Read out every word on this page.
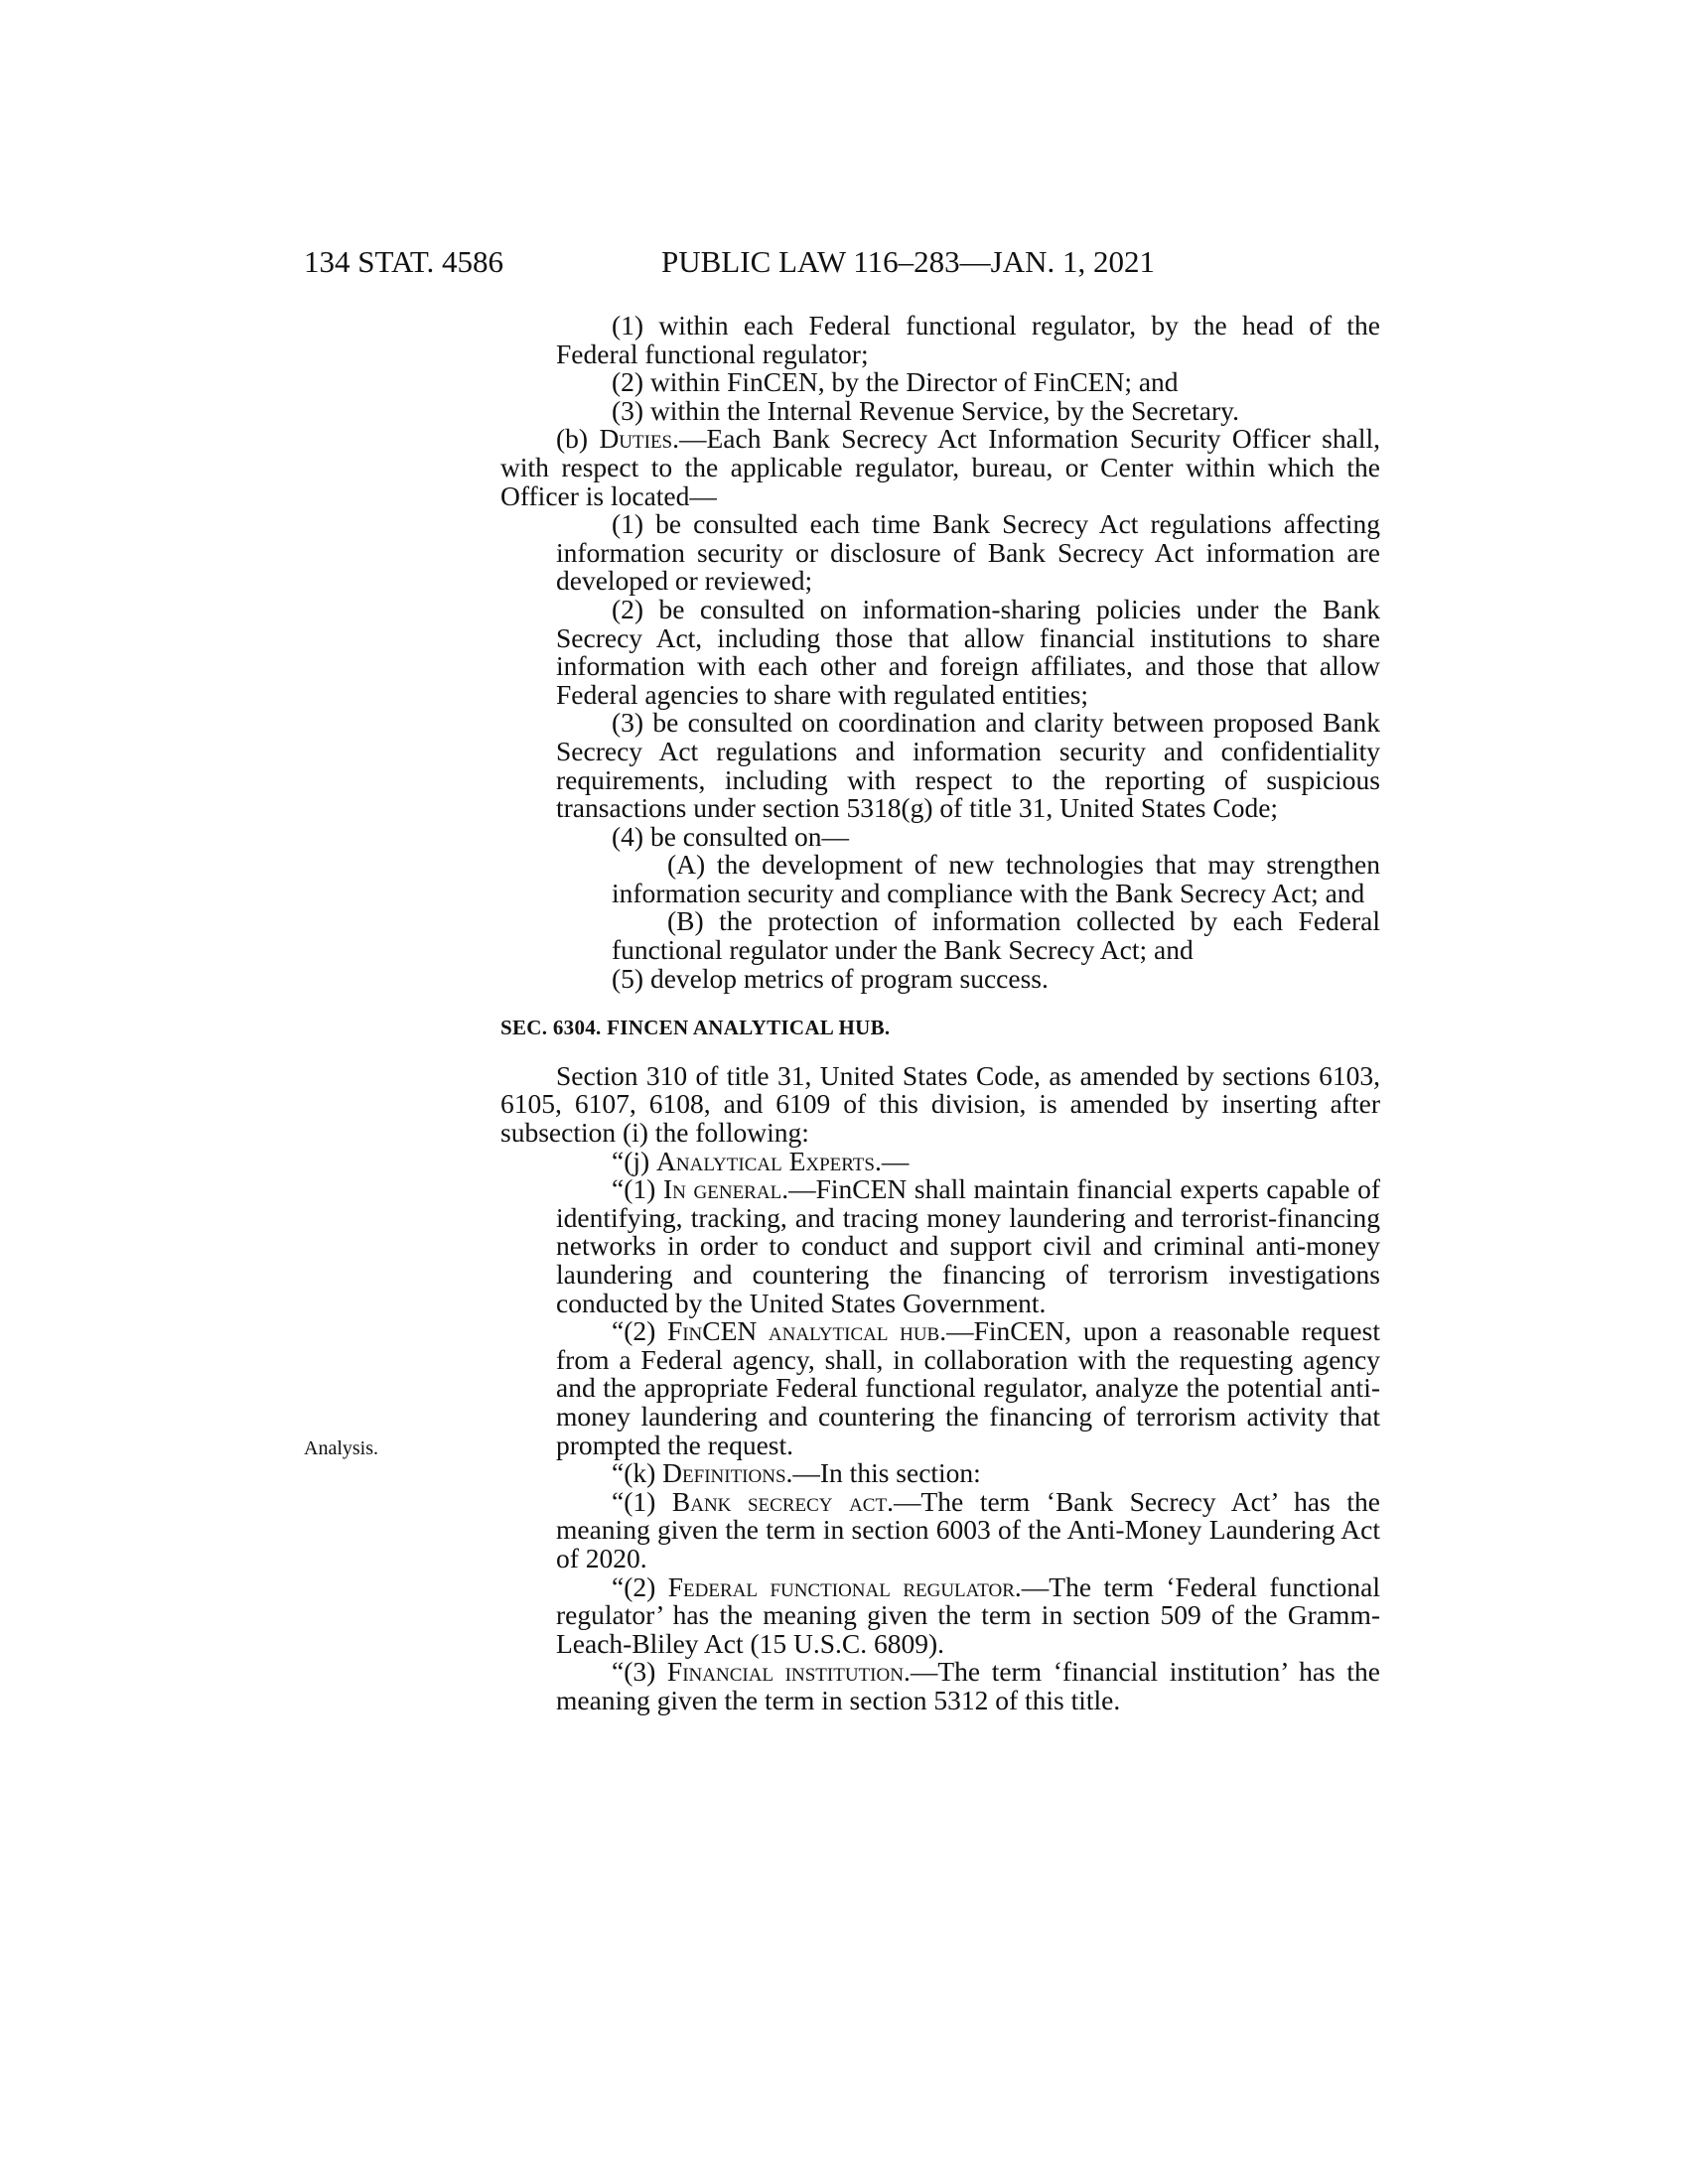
134 STAT. 4586	PUBLIC LAW 116–283—JAN. 1, 2021
Analysis.

(1) within each Federal functional regulator, by the head of the Federal functional regulator;

(2) within FinCEN, by the Director of FinCEN; and

(3) within the Internal Revenue Service, by the Secretary.

(b) Duties.—Each Bank Secrecy Act Information Security Officer shall, with respect to the applicable regulator, bureau, or Center within which the Officer is located—

(1) be consulted each time Bank Secrecy Act regulations affecting information security or disclosure of Bank Secrecy Act information are developed or reviewed;

(2) be consulted on information-sharing policies under the Bank Secrecy Act, including those that allow financial institutions to share information with each other and foreign affiliates, and those that allow Federal agencies to share with regulated entities;

(3) be consulted on coordination and clarity between proposed Bank Secrecy Act regulations and information security and confidentiality requirements, including with respect to the reporting of suspicious transactions under section 5318(g) of title 31, United States Code;

(4) be consulted on—

(A) the development of new technologies that may strengthen information security and compliance with the Bank Secrecy Act; and

(B) the protection of information collected by each Federal functional regulator under the Bank Secrecy Act; and

(5) develop metrics of program success.

SEC. 6304. FINCEN ANALYTICAL HUB.

Section 310 of title 31, United States Code, as amended by sections 6103, 6105, 6107, 6108, and 6109 of this division, is amended by inserting after subsection (i) the following:

“(j) Analytical Experts.—

“(1) In general.—FinCEN shall maintain financial experts capable of identifying, tracking, and tracing money laundering and terrorist-financing networks in order to conduct and support civil and criminal anti-money laundering and countering the financing of terrorism investigations conducted by the United States Government.

“(2) FinCEN analytical hub.—FinCEN, upon a reasonable request from a Federal agency, shall, in collaboration with the requesting agency and the appropriate Federal functional regulator, analyze the potential anti-money laundering and countering the financing of terrorism activity that prompted the request.

“(k) Definitions.—In this section:

“(1) Bank secrecy act.—The term ‘Bank Secrecy Act’ has the meaning given the term in section 6003 of the Anti-Money Laundering Act of 2020.

“(2) Federal functional regulator.—The term ‘Federal functional regulator’ has the meaning given the term in section 509 of the Gramm-Leach-Bliley Act (15 U.S.C. 6809).

“(3) Financial institution.—The term ‘financial institution’ has the meaning given the term in section 5312 of this title.
